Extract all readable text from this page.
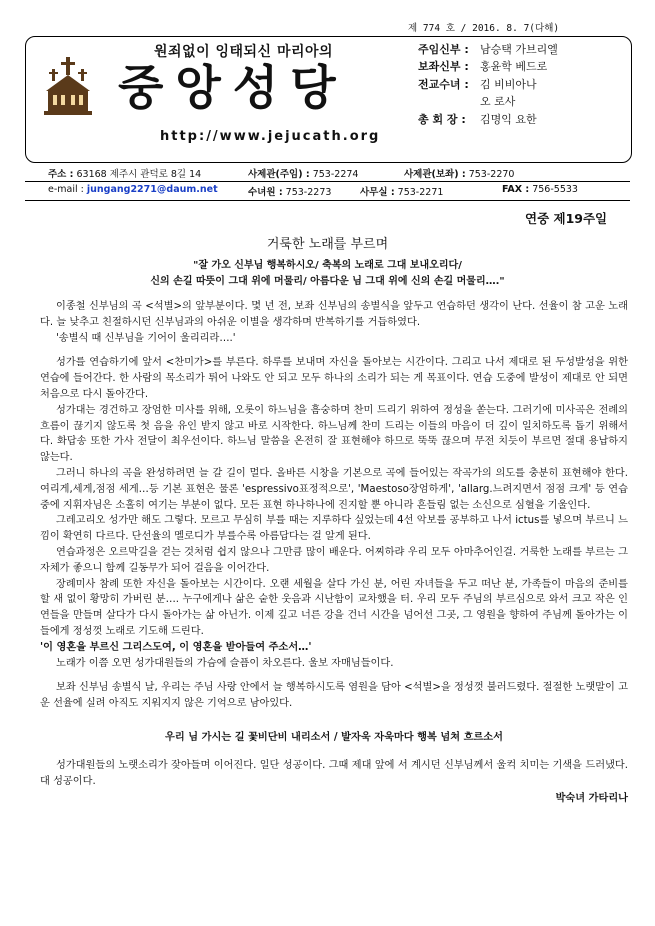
제 774 호 / 2016. 8. 7(다해)
원죄없이 잉태되신 마리아의
중앙성당
http://www.jejucath.org
주임신부 : 남승택 가브리엘
보좌신부 : 홍윤학 베드로
전교수녀 : 김 비비아나
오 로사
총 회 장 : 김명익 요한
주소 : 63168 제주시 관덕로 8길 14	사제관(주임) : 753-2274	사제관(보좌) : 753-2270
e-mail : jungang2271@daum.net	수녀원 : 753-2273	사무실 : 753-2271	FAX : 756-5533
연중 제19주일
거룩한 노래를 부르며
"잘 가오 신부님 행복하시오/ 축복의 노래로 그대 보내오리다/
신의 손길 따뜻이 그대 위에 머물리/ 아름다운 님 그대 위에 신의 손길 머물리…."

이종철 신부님의 곡 <석별>의 앞부분이다. 몇 년 전, 보좌 신부님의 송별식을 앞두고 연습하던 생각이 난다. 선율이 참 고운 노래다. 늘 낮추고 친절하시던 신부님과의 아쉬운 이별을 생각하며 반복하기를 거듭하였다.

'송별식 때 신부님을 기어이 울리리라….'

성가를 연습하기에 앞서 <찬미가>를 부른다. 하루를 보내며 자신을 돌아보는 시간이다. 그리고 나서 제대로 된 두성발성을 위한 연습에 들어간다. 한 사람의 목소리가 튀어 나와도 안 되고 모두 하나의 소리가 되는 게 목표이다. 연습 도중에 발성이 제대로 안 되면 처음으로 다시 돌아간다.

성가대는 경건하고 장엄한 미사를 위해, 오롯이 하느님을 흠숭하며 찬미 드리기 위하여 정성을 쏟는다. 그러기에 미사곡은 전례의 흐름이 끊기지 않도록 첫 음을 유인 받지 않고 바로 시작한다. 하느님께 찬미 드리는 이들의 마음이 더 깊이 일치하도록 돕기 위해서다. 화답송 또한 가사 전달이 최우선이다. 하느님 말씀을 온전히 잘 표현해야 하므로 뚝뚝 끊으며 무전 치듯이 부르면 절대 용납하지 않는다.

그러니 하나의 곡을 완성하려면 늘 갈 길이 멀다. 올바른 시창을 기본으로 곡에 들어있는 작곡가의 의도를 충분히 표현해야 한다. 여리게,세게,점점 세게…등 기본 표현은 물론 'espressivo표정적으로', 'Maestoso장엄하게', 'allarg.느려지면서 점점 크게' 등 연습 중에 지휘자님은 소홀히 여기는 부분이 없다. 모든 표현 하나하나에 진지할 뿐 아니라 흔들림 없는 소신으로 심혈을 기울인다.

그레고리오 성가만 해도 그렇다. 모르고 무심히 부를 때는 지루하다 싶었는데 4선 악보를 공부하고 나서 ictus를 넣으며 부르니 느낌이 확연히 다르다. 단선율의 멜로디가 부를수록 아름답다는 걸 알게 된다.

연습과정은 오르막길을 걷는 것처럼 쉽지 않으나 그만큼 많이 배운다. 어찌하랴 우리 모두 아마추어인걸. 거룩한 노래를 부르는 그 자체가 좋으니 함께 길동무가 되어 걸음을 이어간다.

장례미사 참례 또한 자신을 돌아보는 시간이다. 오랜 세월을 살다 가신 분, 어린 자녀들을 두고 떠난 분, 가족들이 마음의 준비를 할 새 없이 황망히 가버린 분…. 누구에게나 삶은 숱한 웃음과 시난함이 교차했을 터. 우리 모두 주님의 부르심으로 와서 크고 작은 인연들을 만들며 살다가 다시 돌아가는 삶 아닌가. 이제 깊고 너른 강을 건너 시간을 넘어선 그곳, 그 영원을 향하여 주님께 돌아가는 이들에게 정성껏 노래로 기도해 드린다.

'이 영혼을 부르신 그리스도여, 이 영혼을 받아들여 주소서…'

노래가 이쯤 오면 성가대원들의 가슴에 슬픔이 차오른다. 울보 자매님들이다.

보좌 신부님 송별식 날, 우리는 주님 사랑 안에서 늘 행복하시도록 염원을 담아 <석별>을 정성껏 불러드렸다. 절절한 노랫말이 고운 선율에 실려 아직도 지워지지 않은 기억으로 남아있다.

우리 님 가시는 길 꽃비단비 내리소서 / 발자욱 자욱마다 행복 넘쳐 흐르소서

성가대원들의 노랫소리가 잦아들며 이어진다. 일단 성공이다. 그때 제대 앞에 서 계시던 신부님께서 울컥 치미는 기색을 드러냈다. 대 성공이다.

박숙녀 가타리나
